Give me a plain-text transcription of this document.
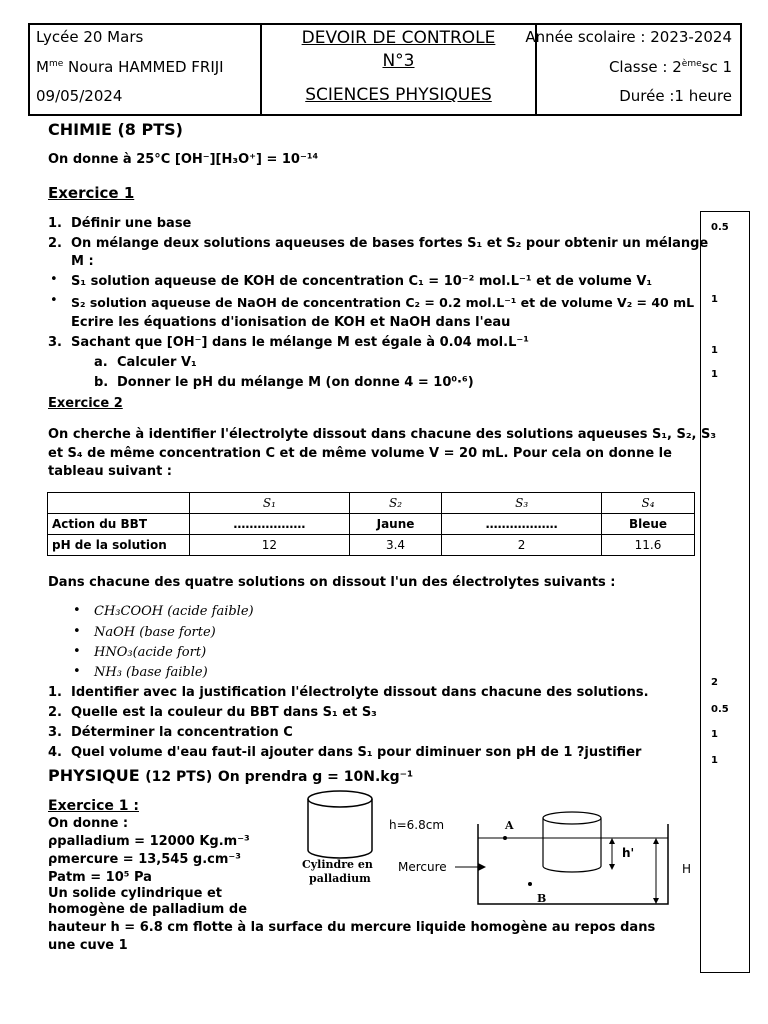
Lycée 20 Mars
$M^{me}$ Noura HAMMED FRIJI
09/05/2024
DEVOIR DE CONTROLE
N°3
SCIENCES PHYSIQUES
Année scolaire : 2023-2024
Classe : 2èmesc 1
Durée :1 heure
CHIMIE (8 PTS)
On donne à 25°C [OH⁻][H₃O⁺] = 10⁻¹⁴
Exercice 1
1. Définir une base
2. On mélange deux solutions aqueuses de bases fortes S₁ et S₂ pour obtenir un mélange
M :
• S₁ solution aqueuse de KOH de concentration C₁ = 10⁻² mol.L⁻¹ et de volume V₁
• S₂ solution aqueuse de NaOH de concentration C₂ = 0.2 mol.L⁻¹ et de volume V₂ = 40 mL
Ecrire les équations d'ionisation de KOH et NaOH dans l'eau
3. Sachant que [OH⁻] dans le mélange M est égale à 0.04 mol.L⁻¹
a. Calculer V₁
b. Donner le pH du mélange M (on donne 4 = 10⁰·⁶)
Exercice 2
On cherche à identifier l'électrolyte dissout dans chacune des solutions aqueuses S₁, S₂, S₃
et S₄ de même concentration C et de même volume V = 20 mL. Pour cela on donne le
tableau suivant :
	S₁	S₂	S₃	S₄
Action du BBT	………………	Jaune	………………	Bleue
pH de la solution	12	3.4	2	11.6
Dans chacune des quatre solutions on dissout l'un des électrolytes suivants :
• CH₃COOH (acide faible)
• NaOH (base forte)
• HNO₃(acide fort)
• NH₃ (base faible)
1. Identifier avec la justification l'électrolyte dissout dans chacune des solutions.
2. Quelle est la couleur du BBT dans S₁ et S₃
3. Déterminer la concentration C
4. Quel volume d'eau faut-il ajouter dans S₁ pour diminuer son pH de 1 ?justifier
PHYSIQUE (12 PTS) On prendra g = 10N.kg⁻¹
Exercice 1 :
On donne :
ρpalladium = 12000 Kg.m⁻³
ρmercure = 13,545 g.cm⁻³
Patm = 10⁵ Pa
Un solide cylindrique et
homogène de palladium de
hauteur h = 6.8 cm flotte à la surface du mercure liquide homogène au repos dans
une cuve 1
h=6.8cm
Cylindre en
palladium
Mercure
A
B
h'
H
0.5
1
1
1
2
0.5
1
1
